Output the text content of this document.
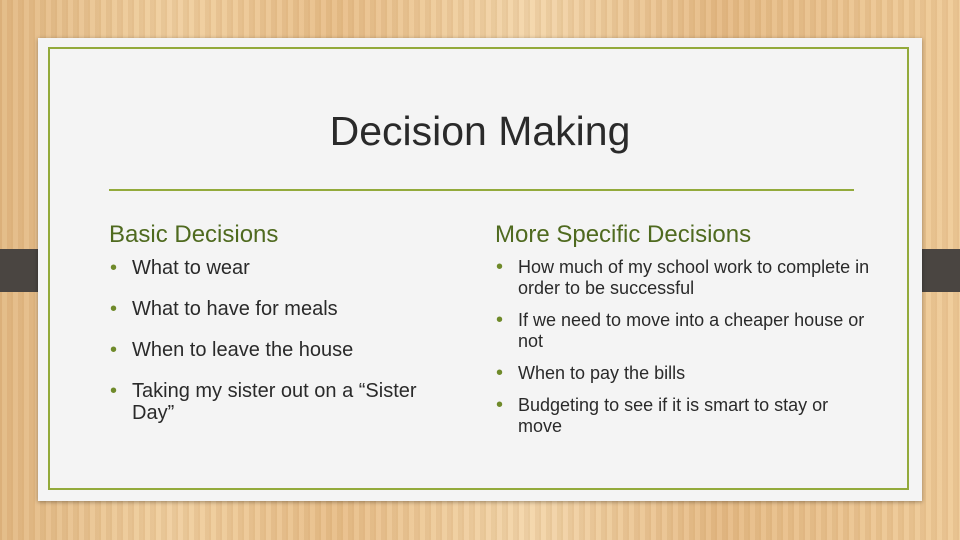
Decision Making
Basic Decisions
• What to wear
• What to have for meals
• When to leave the house
• Taking my sister out on a “Sister Day”
More Specific Decisions
• How much of my school work to complete in order to be successful
• If we need to move into a cheaper house or not
• When to pay the bills
• Budgeting to see if it is smart to stay or move
